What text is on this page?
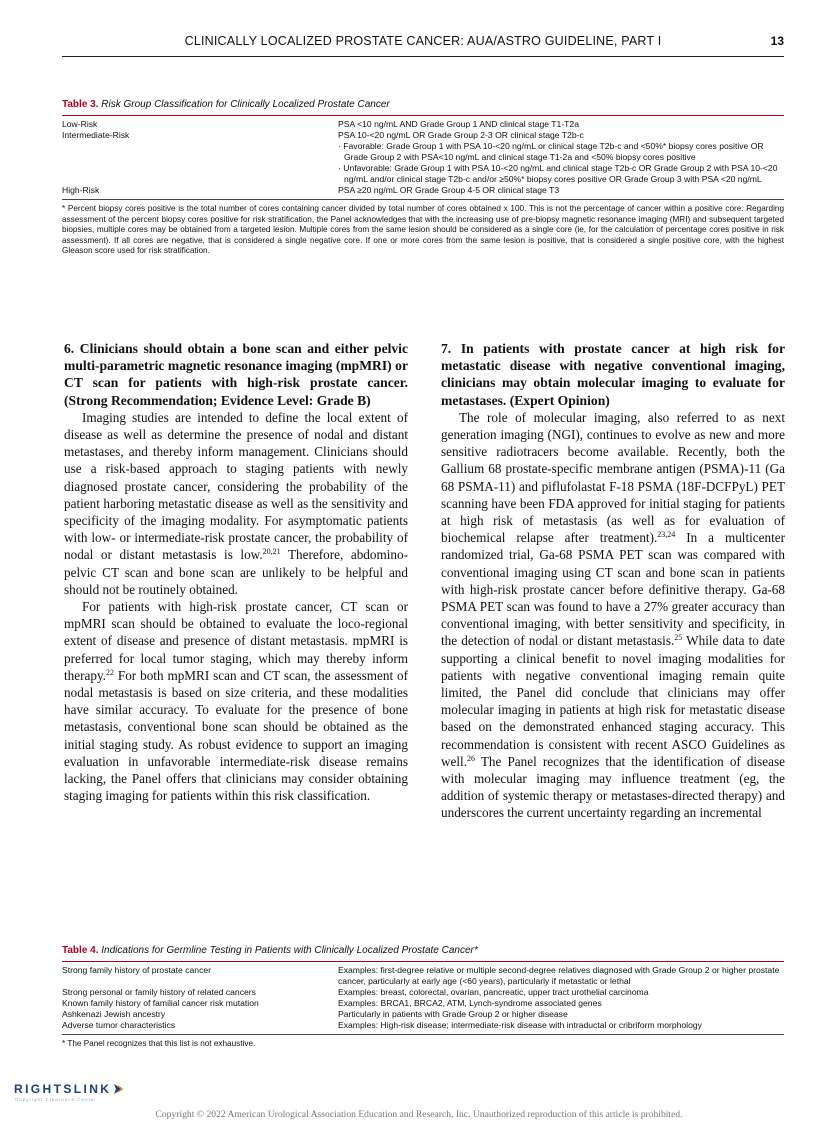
CLINICALLY LOCALIZED PROSTATE CANCER: AUA/ASTRO GUIDELINE, PART I	13
Table 3. Risk Group Classification for Clinically Localized Prostate Cancer
Low-Risk	PSA <10 ng/mL AND Grade Group 1 AND clinical stage T1-T2a
Intermediate-Risk	PSA 10-<20 ng/mL OR Grade Group 2-3 OR clinical stage T2b-c
· Favorable: Grade Group 1 with PSA 10-<20 ng/mL or clinical stage T2b-c and <50%* biopsy cores positive OR Grade Group 2 with PSA<10 ng/mL and clinical stage T1-2a and <50% biopsy cores positive
· Unfavorable: Grade Group 1 with PSA 10-<20 ng/mL and clinical stage T2b-c OR Grade Group 2 with PSA 10-<20 ng/mL and/or clinical stage T2b-c and/or ≥50%* biopsy cores positive OR Grade Group 3 with PSA <20 ng/mL
High-Risk	PSA ≥20 ng/mL OR Grade Group 4-5 OR clinical stage T3
* Percent biopsy cores positive is the total number of cores containing cancer divided by total number of cores obtained x 100. This is not the percentage of cancer within a positive core. Regarding assessment of the percent biopsy cores positive for risk stratification, the Panel acknowledges that with the increasing use of pre-biopsy magnetic resonance imaging (MRI) and subsequent targeted biopsies, multiple cores may be obtained from a targeted lesion. Multiple cores from the same lesion should be considered as a single core (ie, for the calculation of percentage cores positive in risk assessment). If all cores are negative, that is considered a single negative core. If one or more cores from the same lesion is positive, that is considered a single positive core, with the highest Gleason score used for risk stratification.
6. Clinicians should obtain a bone scan and either pelvic multi-parametric magnetic resonance imaging (mpMRI) or CT scan for patients with high-risk prostate cancer. (Strong Recommendation; Evidence Level: Grade B)

Imaging studies are intended to define the local extent of disease as well as determine the presence of nodal and distant metastases, and thereby inform management. Clinicians should use a risk-based approach to staging patients with newly diagnosed prostate cancer, considering the probability of the patient harboring metastatic disease as well as the sensitivity and specificity of the imaging modality. For asymptomatic patients with low- or intermediate-risk prostate cancer, the probability of nodal or distant metastasis is low.$^{20,21}$ Therefore, abdomino-pelvic CT scan and bone scan are unlikely to be helpful and should not be routinely obtained.

For patients with high-risk prostate cancer, CT scan or mpMRI scan should be obtained to evaluate the loco-regional extent of disease and presence of distant metastasis. mpMRI is preferred for local tumor staging, which may thereby inform therapy.$^{22}$ For both mpMRI scan and CT scan, the assessment of nodal metastasis is based on size criteria, and these modalities have similar accuracy. To evaluate for the presence of bone metastasis, conventional bone scan should be obtained as the initial staging study. As robust evidence to support an imaging evaluation in unfavorable intermediate-risk disease remains lacking, the Panel offers that clinicians may consider obtaining staging imaging for patients within this risk classification.

7. In patients with prostate cancer at high risk for metastatic disease with negative conventional imaging, clinicians may obtain molecular imaging to evaluate for metastases. (Expert Opinion)

The role of molecular imaging, also referred to as next generation imaging (NGI), continues to evolve as new and more sensitive radiotracers become available. Recently, both the Gallium 68 prostate-specific membrane antigen (PSMA)-11 (Ga 68 PSMA-11) and piflufolastat F-18 PSMA (18F-DCFPyL) PET scanning have been FDA approved for initial staging for patients at high risk of metastasis (as well as for evaluation of biochemical relapse after treatment).$^{23,24}$ In a multicenter randomized trial, Ga-68 PSMA PET scan was compared with conventional imaging using CT scan and bone scan in patients with high-risk prostate cancer before definitive therapy. Ga-68 PSMA PET scan was found to have a 27% greater accuracy than conventional imaging, with better sensitivity and specificity, in the detection of nodal or distant metastasis.$^{25}$ While data to date supporting a clinical benefit to novel imaging modalities for patients with negative conventional imaging remain quite limited, the Panel did conclude that clinicians may offer molecular imaging in patients at high risk for metastatic disease based on the demonstrated enhanced staging accuracy. This recommendation is consistent with recent ASCO Guidelines as well.$^{26}$ The Panel recognizes that the identification of disease with molecular imaging may influence treatment (eg, the addition of systemic therapy or metastases-directed therapy) and underscores the current uncertainty regarding an incremental

Table 4. Indications for Germline Testing in Patients with Clinically Localized Prostate Cancer*
Strong family history of prostate cancer	Examples: first-degree relative or multiple second-degree relatives diagnosed with Grade Group 2 or higher prostate cancer, particularly at early age (<60 years), particularly if metastatic or lethal
Strong personal or family history of related cancers	Examples: breast, colorectal, ovarian, pancreatic, upper tract urothelial carcinoma
Known family history of familial cancer risk mutation	Examples: BRCA1, BRCA2, ATM, Lynch-syndrome associated genes
Ashkenazi Jewish ancestry	Particularly in patients with Grade Group 2 or higher disease
Adverse tumor characteristics	Examples: High-risk disease; intermediate-risk disease with intraductal or cribriform morphology
* The Panel recognizes that this list is not exhaustive.
RIGHTSLINK
Copyright Clearance Center
Copyright © 2022 American Urological Association Education and Research, Inc. Unauthorized reproduction of this article is prohibited.
